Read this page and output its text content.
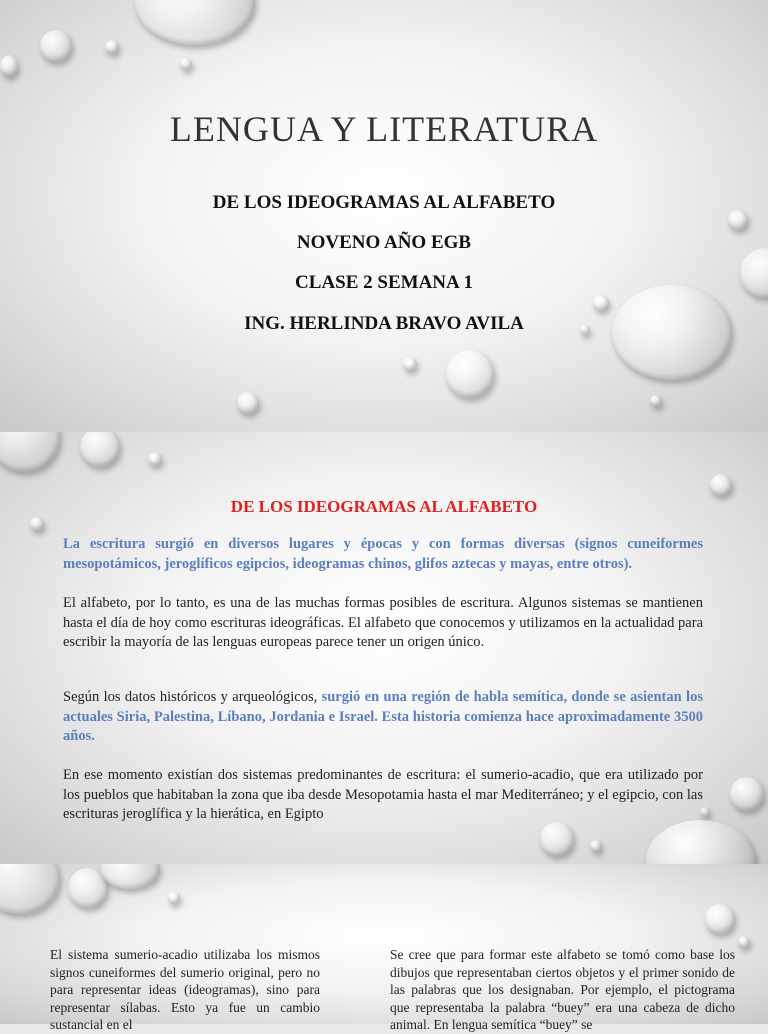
LENGUA Y LITERATURA
DE LOS IDEOGRAMAS AL ALFABETO
NOVENO AÑO EGB
CLASE 2 SEMANA 1
ING. HERLINDA BRAVO AVILA
DE LOS IDEOGRAMAS AL ALFABETO
La escritura surgió en diversos lugares y épocas y con formas diversas (signos cuneiformes mesopotámicos, jeroglíficos egipcios, ideogramas chinos, glifos aztecas y mayas, entre otros).
El alfabeto, por lo tanto, es una de las muchas formas posibles de escritura. Algunos sistemas se mantienen hasta el día de hoy como escrituras ideográficas. El alfabeto que conocemos y utilizamos en la actualidad para escribir la mayoría de las lenguas europeas parece tener un origen único.
Según los datos históricos y arqueológicos, surgió en una región de habla semítica, donde se asientan los actuales Siria, Palestina, Líbano, Jordania e Israel. Esta historia comienza hace aproximadamente 3500 años.
En ese momento existían dos sistemas predominantes de escritura: el sumerio-acadio, que era utilizado por los pueblos que habitaban la zona que iba desde Mesopotamia hasta el mar Mediterráneo; y el egipcio, con las escrituras jeroglífica y la hierática, en Egipto
El sistema sumerio-acadio utilizaba los mismos signos cuneiformes del sumerio original, pero no para representar ideas (ideogramas), sino para representar sílabas. Esto ya fue un cambio sustancial en el
Se cree que para formar este alfabeto se tomó como base los dibujos que representaban ciertos objetos y el primer sonido de las palabras que los designaban. Por ejemplo, el pictograma que representaba la palabra “buey” era una cabeza de dicho animal. En lengua semítica “buey” se
